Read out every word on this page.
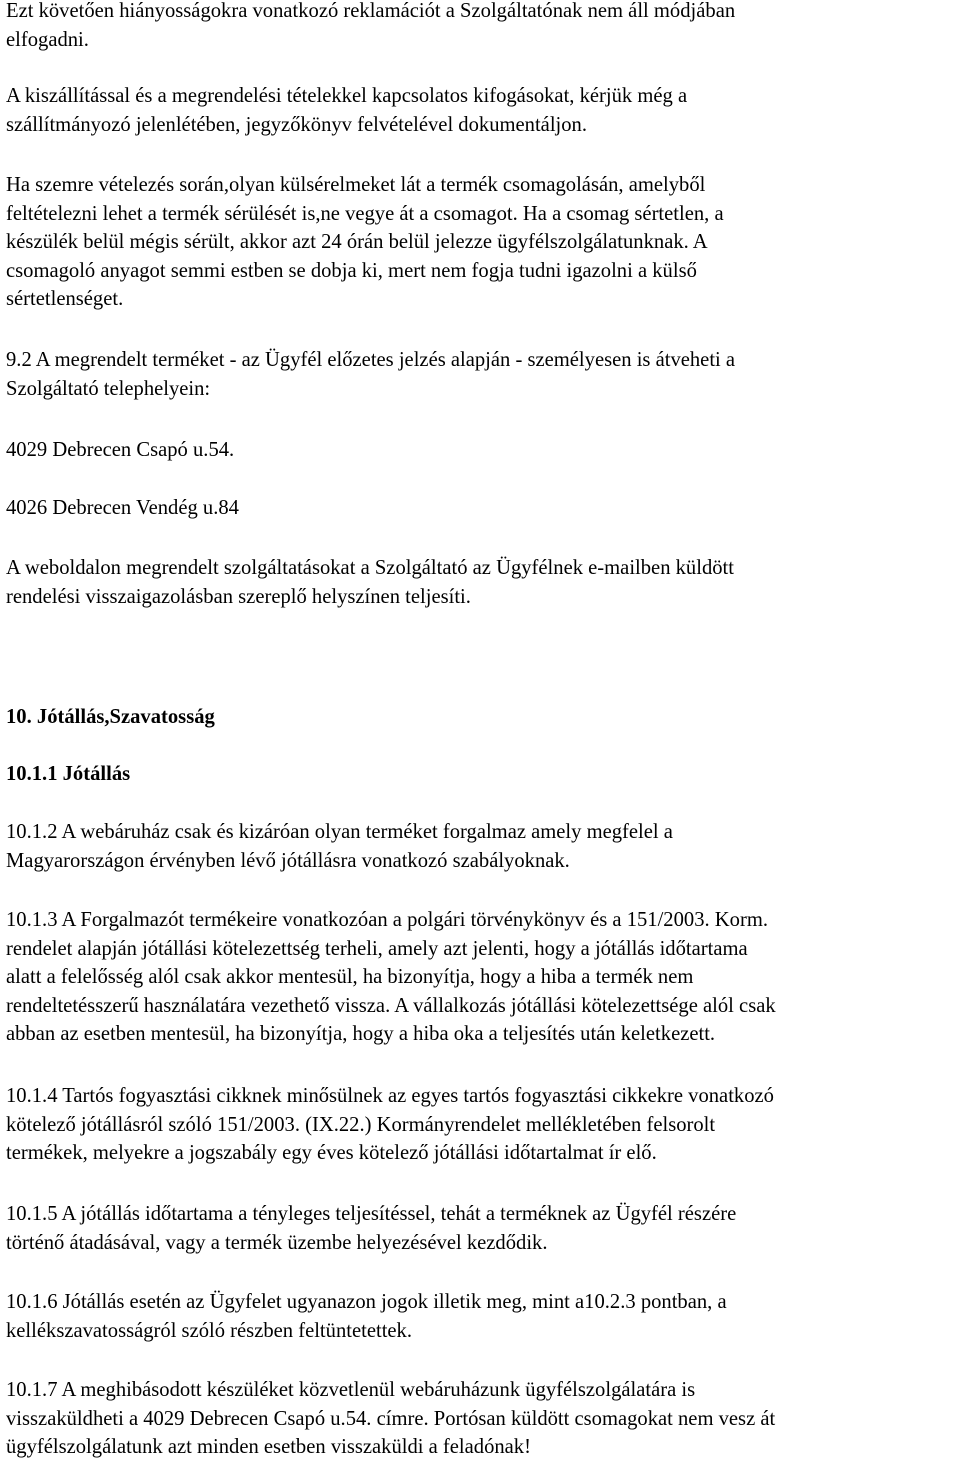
Ezt követően hiányosságokra vonatkozó reklamációt a Szolgáltatónak nem áll módjában
elfogadni.
A kiszállítással és a megrendelési tételekkel kapcsolatos kifogásokat, kérjük még a
szállítmányozó jelenlétében, jegyzőkönyv felvételével dokumentáljon.
Ha szemre vételezés során,olyan külsérelmeket lát a termék csomagolásán, amelyből
feltételezni lehet a termék sérülését is,ne vegye át a csomagot. Ha a csomag sértetlen, a
készülék belül mégis sérült, akkor azt 24 órán belül jelezze ügyfélszolgálatunknak. A
csomagoló anyagot semmi estben se dobja ki, mert nem fogja tudni igazolni a külső
sértetlenséget.
9.2 A megrendelt terméket - az Ügyfél előzetes jelzés alapján - személyesen is átveheti a
Szolgáltató telephelyein:
4029 Debrecen Csapó u.54.
4026 Debrecen Vendég u.84
A weboldalon megrendelt szolgáltatásokat a Szolgáltató az Ügyfélnek e-mailben küldött
rendelési visszaigazolásban szereplő helyszínen teljesíti.
10. Jótállás,Szavatosság
10.1.1 Jótállás
10.1.2 A webáruház csak és kizáróan olyan terméket forgalmaz amely megfelel a
Magyarországon érvényben lévő jótállásra vonatkozó szabályoknak.
10.1.3 A Forgalmazót termékeire vonatkozóan a polgári törvénykönyv és a 151/2003. Korm.
rendelet alapján jótállási kötelezettség terheli, amely azt jelenti, hogy a jótállás időtartama
alatt a felelősség alól csak akkor mentesül, ha bizonyítja, hogy a hiba a termék nem
rendeltetésszerű használatára vezethető vissza. A vállalkozás jótállási kötelezettsége alól csak
abban az esetben mentesül, ha bizonyítja, hogy a hiba oka a teljesítés után keletkezett.
10.1.4 Tartós fogyasztási cikknek minősülnek az egyes tartós fogyasztási cikkekre vonatkozó
kötelező jótállásról szóló 151/2003. (IX.22.) Kormányrendelet mellékletében felsorolt
termékek, melyekre a jogszabály egy éves kötelező jótállási időtartalmat ír elő.
10.1.5 A jótállás időtartama a tényleges teljesítéssel, tehát a terméknek az Ügyfél részére
történő átadásával, vagy a termék üzembe helyezésével kezdődik.
10.1.6 Jótállás esetén az Ügyfelet ugyanazon jogok illetik meg, mint a10.2.3 pontban, a
kellékszavatosságról szóló részben feltüntetettek.
10.1.7 A meghibásodott készüléket közvetlenül webáruházunk ügyfélszolgálatára is
visszaküldheti a 4029 Debrecen Csapó u.54. címre. Portósan küldött csomagokat nem vesz át
ügyfélszolgálatunk azt minden esetben visszaküldi a feladónak!
